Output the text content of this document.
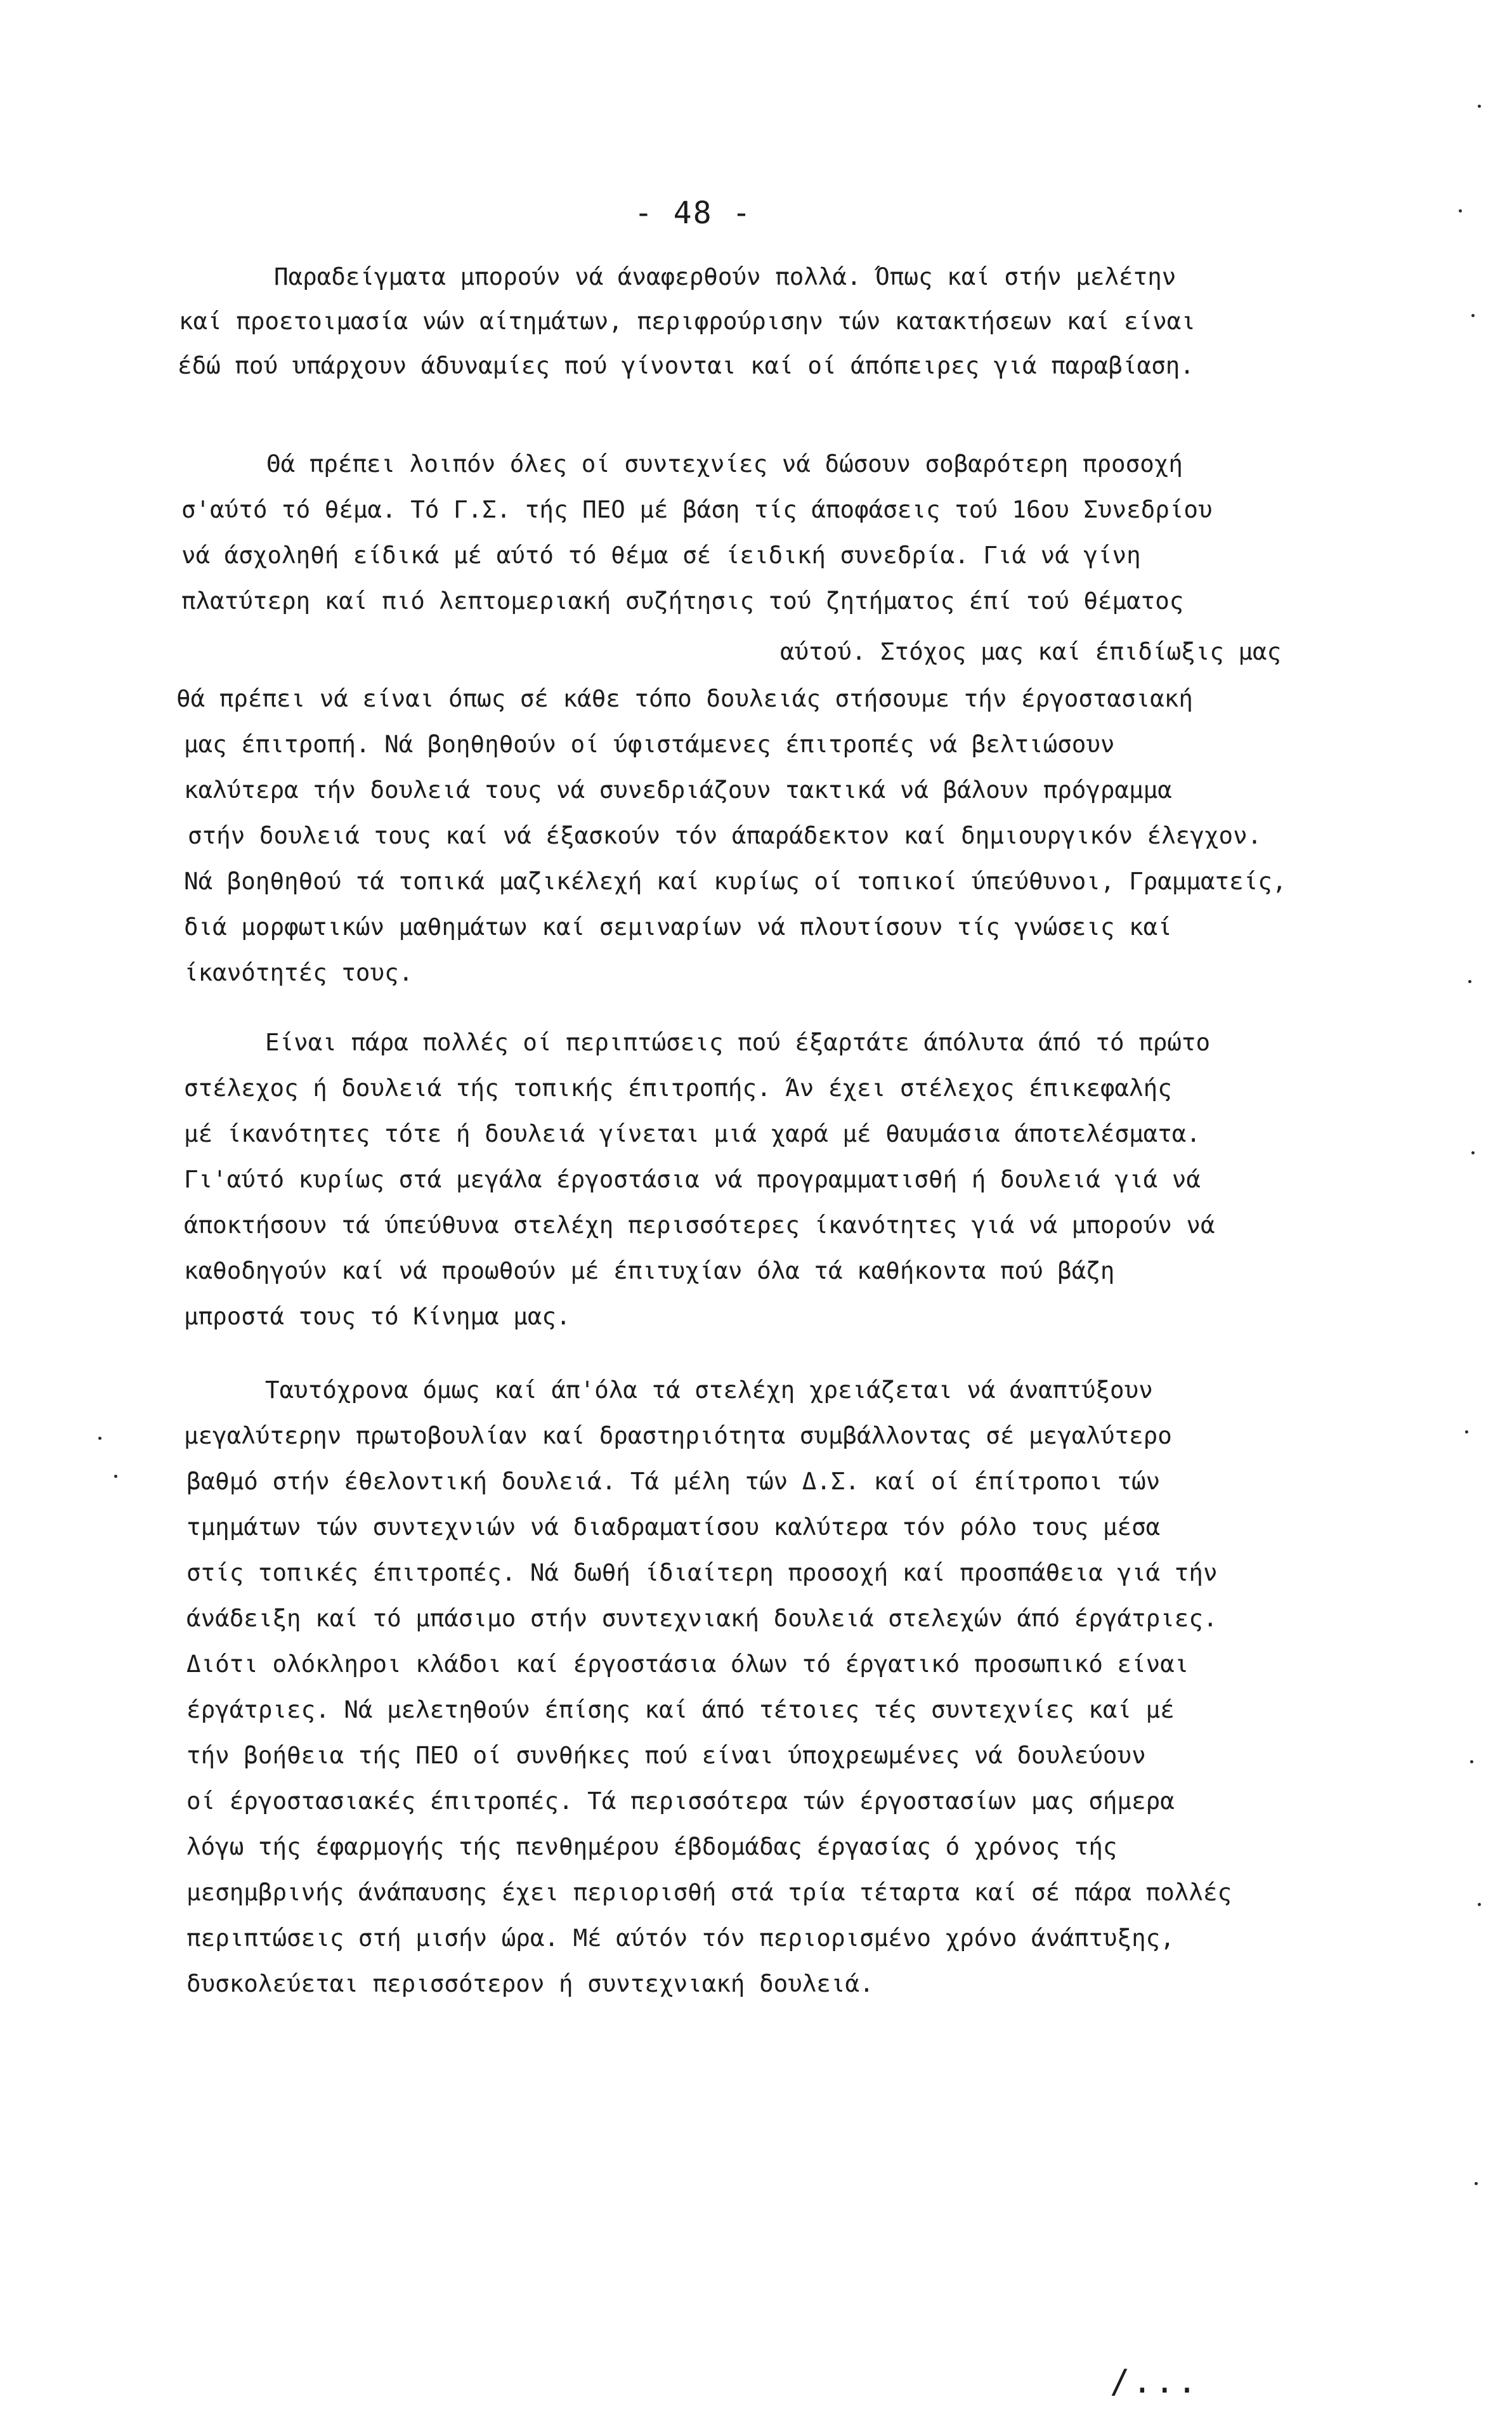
- 48 -
Παραδείγματα μπορούν νά άναφερθούν πολλά. Όπως καί στήν μελέτην
καί προετοιμασία νών αίτημάτων, περιφρούρισην τών κατακτήσεων καί είναι
έδώ πού υπάρχουν άδυναμίες πού γίνονται καί οί άπόπειρες γιά παραβίαση.
Θά πρέπει λοιπόν όλες οί συντεχνίες νά δώσουν σοβαρότερη προσοχή
σ'αύτό τό θέμα. Τό Γ.Σ. τής ΠΕΟ μέ βάση τίς άποφάσεις τού 16ου Συνεδρίου
νά άσχοληθή είδικά μέ αύτό τό θέμα σέ ίειδική συνεδρία. Γιά νά γίνη
πλατύτερη καί πιό λεπτομεριακή συζήτησις τού ζητήματος έπί τού θέματος
αύτού. Στόχος μας καί έπιδίωξις μας
θά πρέπει νά είναι όπως σέ κάθε τόπο δουλειάς στήσουμε τήν έργοστασιακή
μας έπιτροπή. Νά βοηθηθούν οί ύφιστάμενες έπιτροπές νά βελτιώσουν
καλύτερα τήν δουλειά τους νά συνεδριάζουν τακτικά νά βάλουν πρόγραμμα
στήν δουλειά τους καί νά έξασκούν τόν άπαράδεκτον καί δημιουργικόν έλεγχον.
Νά βοηθηθού τά τοπικά μαζικέλεχή καί κυρίως οί τοπικοί ύπεύθυνοι, Γραμματείς,
διά μορφωτικών μαθημάτων καί σεμιναρίων νά πλουτίσουν τίς γνώσεις καί
ίκανότητές τους.
Είναι πάρα πολλές οί περιπτώσεις πού έξαρτάτε άπόλυτα άπό τό πρώτο
στέλεχος ή δουλειά τής τοπικής έπιτροπής. Άν έχει στέλεχος έπικεφαλής
μέ ίκανότητες τότε ή δουλειά γίνεται μιά χαρά μέ θαυμάσια άποτελέσματα.
Γι'αύτό κυρίως στά μεγάλα έργοστάσια νά προγραμματισθή ή δουλειά γιά νά
άποκτήσουν τά ύπεύθυνα στελέχη περισσότερες ίκανότητες γιά νά μπορούν νά
καθοδηγούν καί νά προωθούν μέ έπιτυχίαν όλα τά καθήκοντα πού βάζη
μπροστά τους τό Κίνημα μας.
Ταυτόχρονα όμως καί άπ'όλα τά στελέχη χρειάζεται νά άναπτύξουν
μεγαλύτερην πρωτοβουλίαν καί δραστηριότητα συμβάλλοντας σέ μεγαλύτερο
βαθμό στήν έθελοντική δουλειά. Τά μέλη τών Δ.Σ. καί οί έπίτροποι τών
τμημάτων τών συντεχνιών νά διαδραματίσου καλύτερα τόν ρόλο τους μέσα
στίς τοπικές έπιτροπές. Νά δωθή ίδιαίτερη προσοχή καί προσπάθεια γιά τήν
άνάδειξη καί τό μπάσιμο στήν συντεχνιακή δουλειά στελεχών άπό έργάτριες.
Διότι ολόκληροι κλάδοι καί έργοστάσια όλων τό έργατικό προσωπικό είναι
έργάτριες. Νά μελετηθούν έπίσης καί άπό τέτοιες τές συντεχνίες καί μέ
τήν βοήθεια τής ΠΕΟ οί συνθήκες πού είναι ύποχρεωμένες νά δουλεύουν
οί έργοστασιακές έπιτροπές. Τά περισσότερα τών έργοστασίων μας σήμερα
λόγω τής έφαρμογής τής πενθημέρου έβδομάδας έργασίας ό χρόνος τής
μεσημβρινής άνάπαυσης έχει περιορισθή στά τρία τέταρτα καί σέ πάρα πολλές
περιπτώσεις στή μισήν ώρα. Μέ αύτόν τόν περιορισμένο χρόνο άνάπτυξης,
δυσκολεύεται περισσότερον ή συντεχνιακή δουλειά.
/...
